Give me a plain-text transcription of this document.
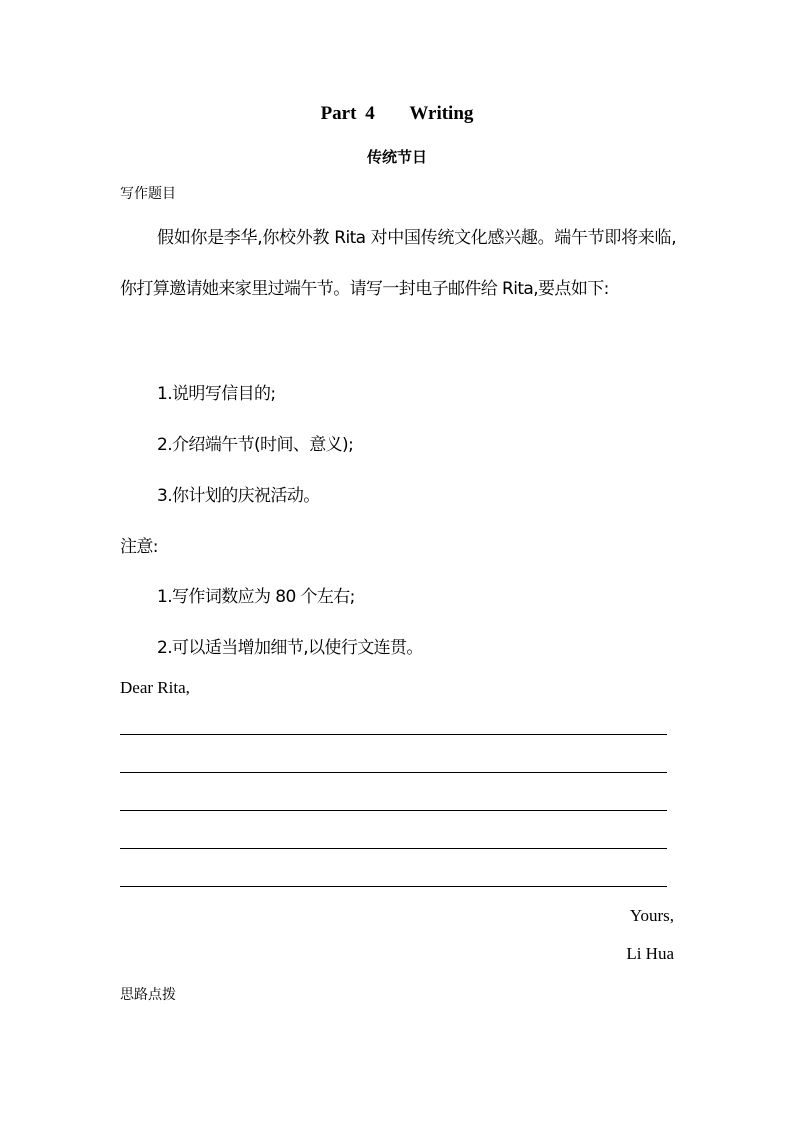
Part 4    Writing
传统节日
写作题目
假如你是李华,你校外教 Rita 对中国传统文化感兴趣。端午节即将来临,你打算邀请她来家里过端午节。请写一封电子邮件给 Rita,要点如下:
1.说明写信目的;
2.介绍端午节(时间、意义);
3.你计划的庆祝活动。
注意:
1.写作词数应为 80 个左右;
2.可以适当增加细节,以使行文连贯。
Dear Rita,
Yours,
Li Hua
思路点拨
